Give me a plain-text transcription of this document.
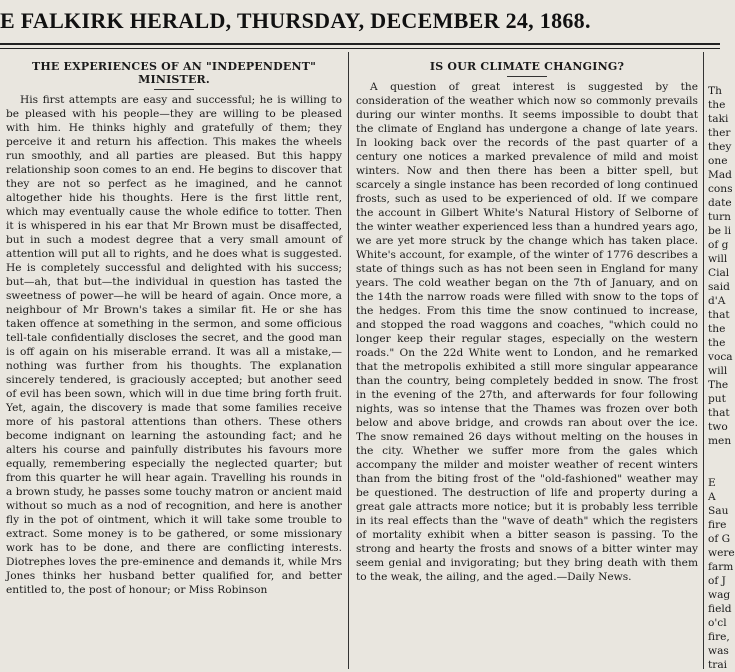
E FALKIRK HERALD, THURSDAY, DECEMBER 24, 1868.
THE EXPERIENCES OF AN "INDEPENDENT" MINISTER.

His first attempts are easy and successful; he is willing to be pleased with his people—they are willing to be pleased with him. He thinks highly and gratefully of them; they perceive it and return his affection. This makes the wheels run smoothly, and all parties are pleased. But this happy relationship soon comes to an end. He begins to discover that they are not so perfect as he imagined, and he cannot altogether hide his thoughts. Here is the first little rent, which may eventually cause the whole edifice to totter. Then it is whispered in his ear that Mr Brown must be disaffected, but in such a modest degree that a very small amount of attention will put all to rights, and he does what is suggested. He is completely successful and delighted with his success; but—ah, that but—the individual in question has tasted the sweetness of power—he will be heard of again. Once more, a neighbour of Mr Brown's takes a similar fit. He or she has taken offence at something in the sermon, and some officious tell-tale confidentially discloses the secret, and the good man is off again on his miserable errand. It was all a mistake,—nothing was further from his thoughts. The explanation sincerely tendered, is graciously accepted; but another seed of evil has been sown, which will in due time bring forth fruit. Yet, again, the discovery is made that some families receive more of his pastoral attentions than others. These others become indignant on learning the astounding fact; and he alters his course and painfully distributes his favours more equally, remembering especially the neglected quarter; but from this quarter he will hear again. Travelling his rounds in a brown study, he passes some touchy matron or ancient maid without so much as a nod of recognition, and here is another fly in the pot of ointment, which it will take some trouble to extract. Some money is to be gathered, or some missionary work has to be done, and there are conflicting interests. Diotrephes loves the pre-eminence and demands it, while Mrs Jones thinks her husband better qualified for, and better entitled to, the post of honour; or Miss Robinson

IS OUR CLIMATE CHANGING?

A question of great interest is suggested by the consideration of the weather which now so commonly prevails during our winter months. It seems impossible to doubt that the climate of England has undergone a change of late years. In looking back over the records of the past quarter of a century one notices a marked prevalence of mild and moist winters. Now and then there has been a bitter spell, but scarcely a single instance has been recorded of long continued frosts, such as used to be experienced of old. If we compare the account in Gilbert White's Natural History of Selborne of the winter weather experienced less than a hundred years ago, we are yet more struck by the change which has taken place. White's account, for example, of the winter of 1776 describes a state of things such as has not been seen in England for many years. The cold weather began on the 7th of January, and on the 14th the narrow roads were filled with snow to the tops of the hedges. From this time the snow continued to increase, and stopped the road waggons and coaches, "which could no longer keep their regular stages, especially on the western roads." On the 22d White went to London, and he remarked that the metropolis exhibited a still more singular appearance than the country, being completely bedded in snow. The frost in the evening of the 27th, and afterwards for four following nights, was so intense that the Thames was frozen over both below and above bridge, and crowds ran about over the ice. The snow remained 26 days without melting on the houses in the city. Whether we suffer more from the gales which accompany the milder and moister weather of recent winters than from the biting frost of the "old-fashioned" weather may be questioned. The destruction of life and property during a great gale attracts more notice; but it is probably less terrible in its real effects than the "wave of death" which the registers of mortality exhibit when a bitter season is passing. To the strong and hearty the frosts and snows of a bitter winter may seem genial and invigorating; but they bring death with them to the weak, the ailing, and the aged.—Daily News.

Th
the
taki
ther
they
one
Mad
cons
date
turn
be li
of g
will
Cial
said
d'A
that
the
the
voca
will
The
put
that
two
men

E
A
Sau
fire
of G
were
farm
of J
wag
field
o'cl
fire,
was
trai
